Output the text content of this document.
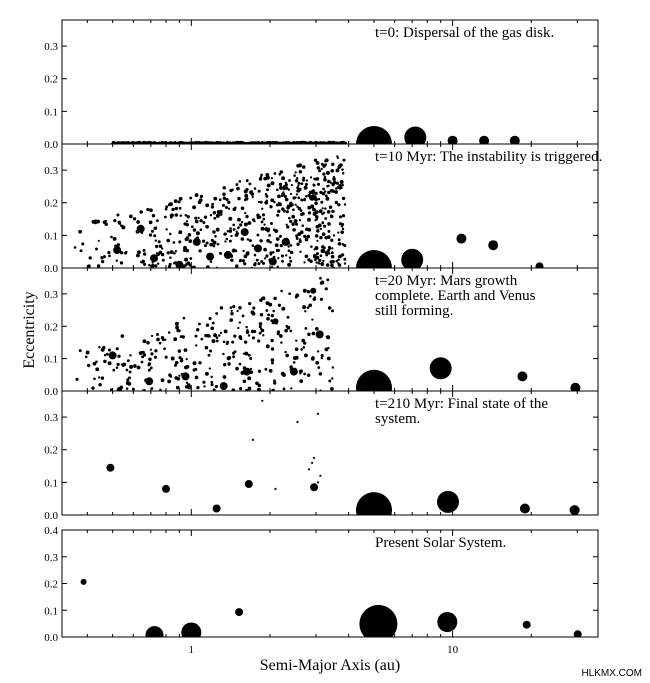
0.0
0.1
0.2
0.3
t=0: Dispersal of the gas disk.
0.0
0.1
0.2
0.3
t=10 Myr: The instability is triggered.
0.0
0.1
0.2
0.3
t=20 Myr: Mars growth complete. Earth and Venus still forming.
0.0
0.1
0.2
0.3
t=210 Myr: Final state of the system.
0.0
0.1
0.2
0.3
0.4
Present Solar System.
1	10
Semi-Major Axis (au)
Eccentricity
HLKMX.COM
